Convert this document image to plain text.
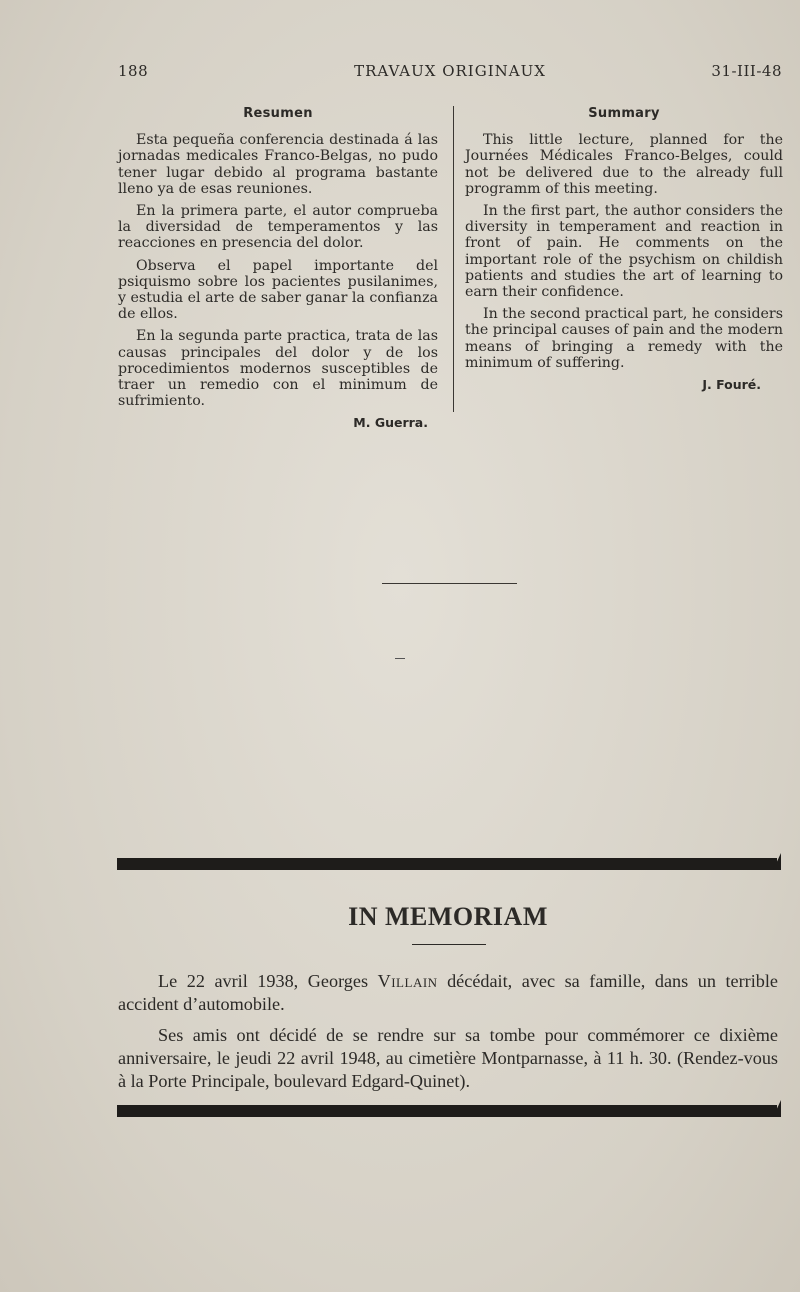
188	TRAVAUX ORIGINAUX	31-III-48
Resumen

Esta pequeña conferencia destinada á las jornadas medicales Franco-Belgas, no pudo tener lugar debido al programa bastante lleno ya de esas reuniones.

En la primera parte, el autor comprueba la diversidad de temperamentos y las reacciones en presencia del dolor.

Observa el papel importante del psiquismo sobre los pacientes pusilanimes, y estudia el arte de saber ganar la confianza de ellos.

En la segunda parte practica, trata de las causas principales del dolor y de los procedimientos modernos susceptibles de traer un remedio con el minimum de sufrimiento.

M. Guerra.
Summary

This little lecture, planned for the Journées Médicales Franco-Belges, could not be delivered due to the already full programm of this meeting.

In the first part, the author considers the diversity in temperament and reaction in front of pain. He comments on the important role of the psychism on childish patients and studies the art of learning to earn their confidence.

In the second practical part, he considers the principal causes of pain and the modern means of bringing a remedy with the minimum of suffering.

J. Fouré.
IN MEMORIAM

Le 22 avril 1938, Georges Villain décédait, avec sa famille, dans un terrible accident d’automobile.

Ses amis ont décidé de se rendre sur sa tombe pour commémorer ce dixième anniversaire, le jeudi 22 avril 1948, au cimetière Montparnasse, à 11 h. 30. (Rendez-vous à la Porte Principale, boulevard Edgard-Quinet).
